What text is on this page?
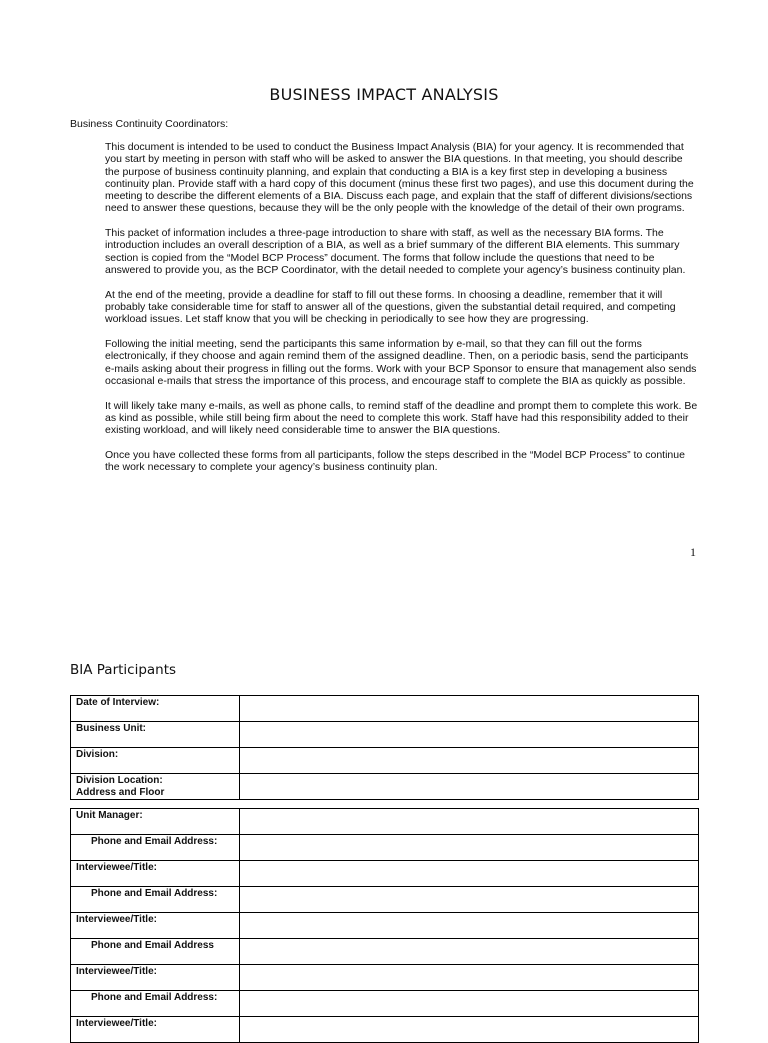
BUSINESS IMPACT ANALYSIS
Business Continuity Coordinators:

This document is intended to be used to conduct the Business Impact Analysis (BIA) for your agency. It is recommended that you start by meeting in person with staff who will be asked to answer the BIA questions. In that meeting, you should describe the purpose of business continuity planning, and explain that conducting a BIA is a key first step in developing a business continuity plan. Provide staff with a hard copy of this document (minus these first two pages), and use this document during the meeting to describe the different elements of a BIA. Discuss each page, and explain that the staff of different divisions/sections need to answer these questions, because they will be the only people with the knowledge of the detail of their own programs.

This packet of information includes a three-page introduction to share with staff, as well as the necessary BIA forms. The introduction includes an overall description of a BIA, as well as a brief summary of the different BIA elements. This summary section is copied from the “Model BCP Process” document. The forms that follow include the questions that need to be answered to provide you, as the BCP Coordinator, with the detail needed to complete your agency’s business continuity plan.

At the end of the meeting, provide a deadline for staff to fill out these forms. In choosing a deadline, remember that it will probably take considerable time for staff to answer all of the questions, given the substantial detail required, and competing workload issues. Let staff know that you will be checking in periodically to see how they are progressing.

Following the initial meeting, send the participants this same information by e-mail, so that they can fill out the forms electronically, if they choose and again remind them of the assigned deadline. Then, on a periodic basis, send the participants e-mails asking about their progress in filling out the forms. Work with your BCP Sponsor to ensure that management also sends occasional e-mails that stress the importance of this process, and encourage staff to complete the BIA as quickly as possible.

It will likely take many e-mails, as well as phone calls, to remind staff of the deadline and prompt them to complete this work. Be as kind as possible, while still being firm about the need to complete this work. Staff have had this responsibility added to their existing workload, and will likely need considerable time to answer the BIA questions.

Once you have collected these forms from all participants, follow the steps described in the “Model BCP Process” to continue the work necessary to complete your agency’s business continuity plan.

1
BIA Participants
Date of Interview:	
Business Unit:	
Division:	
Division Location:
Address and Floor	
Unit Manager:	
Phone and Email Address:	
Interviewee/Title:	
Phone and Email Address:	
Interviewee/Title:	
Phone and Email Address	
Interviewee/Title:	
Phone and Email Address:	
Interviewee/Title:	
